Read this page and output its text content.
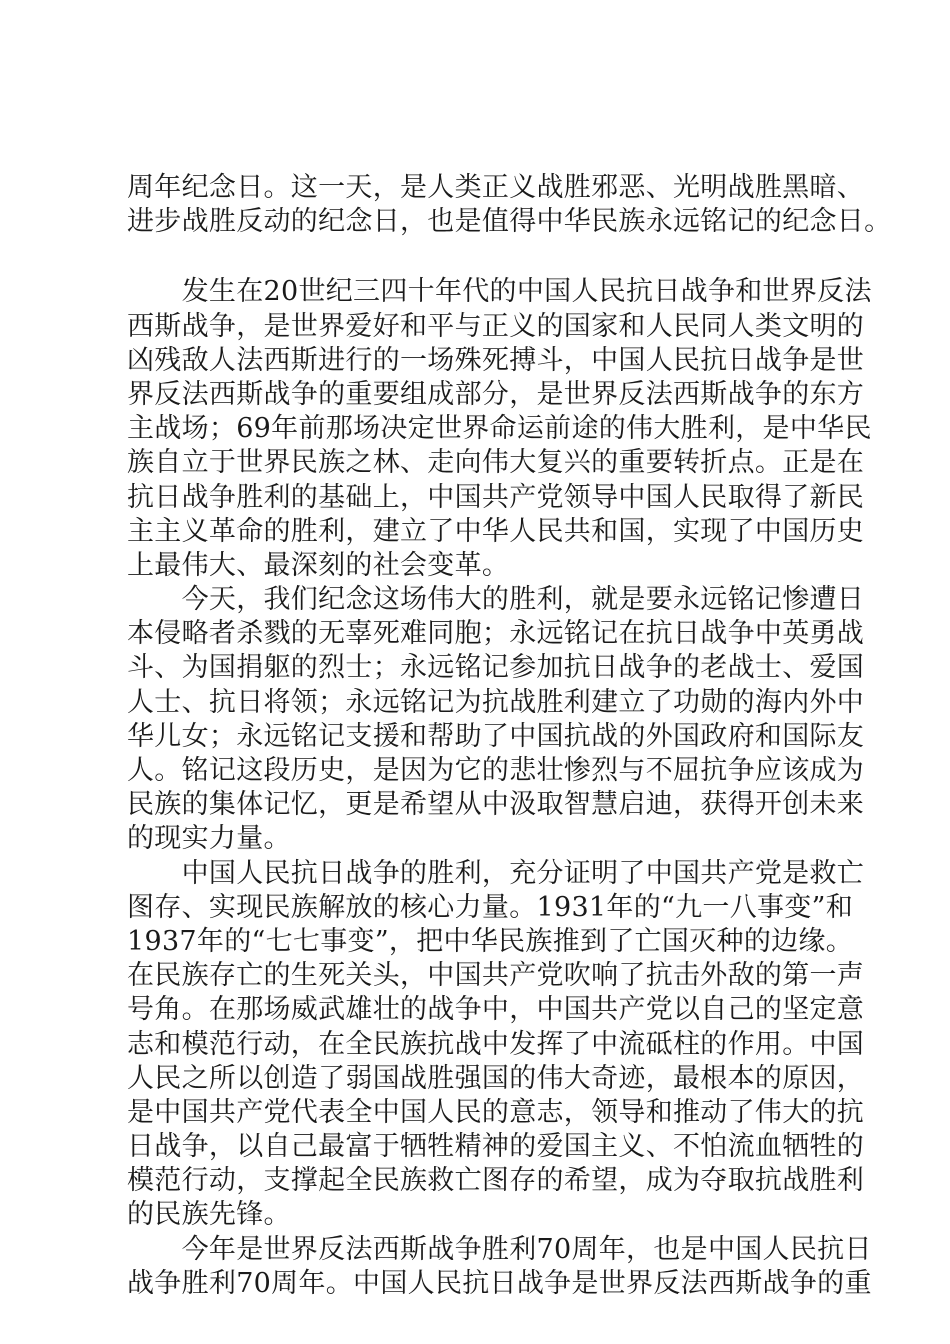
周年纪念日。这一天，是人类正义战胜邪恶、光明战胜黑暗、
进步战胜反动的纪念日，也是值得中华民族永远铭记的纪念日。
　　发生在20世纪三四十年代的中国人民抗日战争和世界反法
西斯战争，是世界爱好和平与正义的国家和人民同人类文明的
凶残敌人法西斯进行的一场殊死搏斗，中国人民抗日战争是世
界反法西斯战争的重要组成部分，是世界反法西斯战争的东方
主战场；69年前那场决定世界命运前途的伟大胜利，是中华民
族自立于世界民族之林、走向伟大复兴的重要转折点。正是在
抗日战争胜利的基础上，中国共产党领导中国人民取得了新民
主主义革命的胜利，建立了中华人民共和国，实现了中国历史
上最伟大、最深刻的社会变革。
　　今天，我们纪念这场伟大的胜利，就是要永远铭记惨遭日
本侵略者杀戮的无辜死难同胞；永远铭记在抗日战争中英勇战
斗、为国捐躯的烈士；永远铭记参加抗日战争的老战士、爱国
人士、抗日将领；永远铭记为抗战胜利建立了功勋的海内外中
华儿女；永远铭记支援和帮助了中国抗战的外国政府和国际友
人。铭记这段历史，是因为它的悲壮惨烈与不屈抗争应该成为
民族的集体记忆，更是希望从中汲取智慧启迪，获得开创未来
的现实力量。
　　中国人民抗日战争的胜利，充分证明了中国共产党是救亡
图存、实现民族解放的核心力量。1931年的“九一八事变”和
1937年的“七七事变”，把中华民族推到了亡国灭种的边缘。
在民族存亡的生死关头，中国共产党吹响了抗击外敌的第一声
号角。在那场威武雄壮的战争中，中国共产党以自己的坚定意
志和模范行动，在全民族抗战中发挥了中流砥柱的作用。中国
人民之所以创造了弱国战胜强国的伟大奇迹，最根本的原因，
是中国共产党代表全中国人民的意志，领导和推动了伟大的抗
日战争，以自己最富于牺牲精神的爱国主义、不怕流血牺牲的
模范行动，支撑起全民族救亡图存的希望，成为夺取抗战胜利
的民族先锋。
　　今年是世界反法西斯战争胜利70周年，也是中国人民抗日
战争胜利70周年。中国人民抗日战争是世界反法西斯战争的重
